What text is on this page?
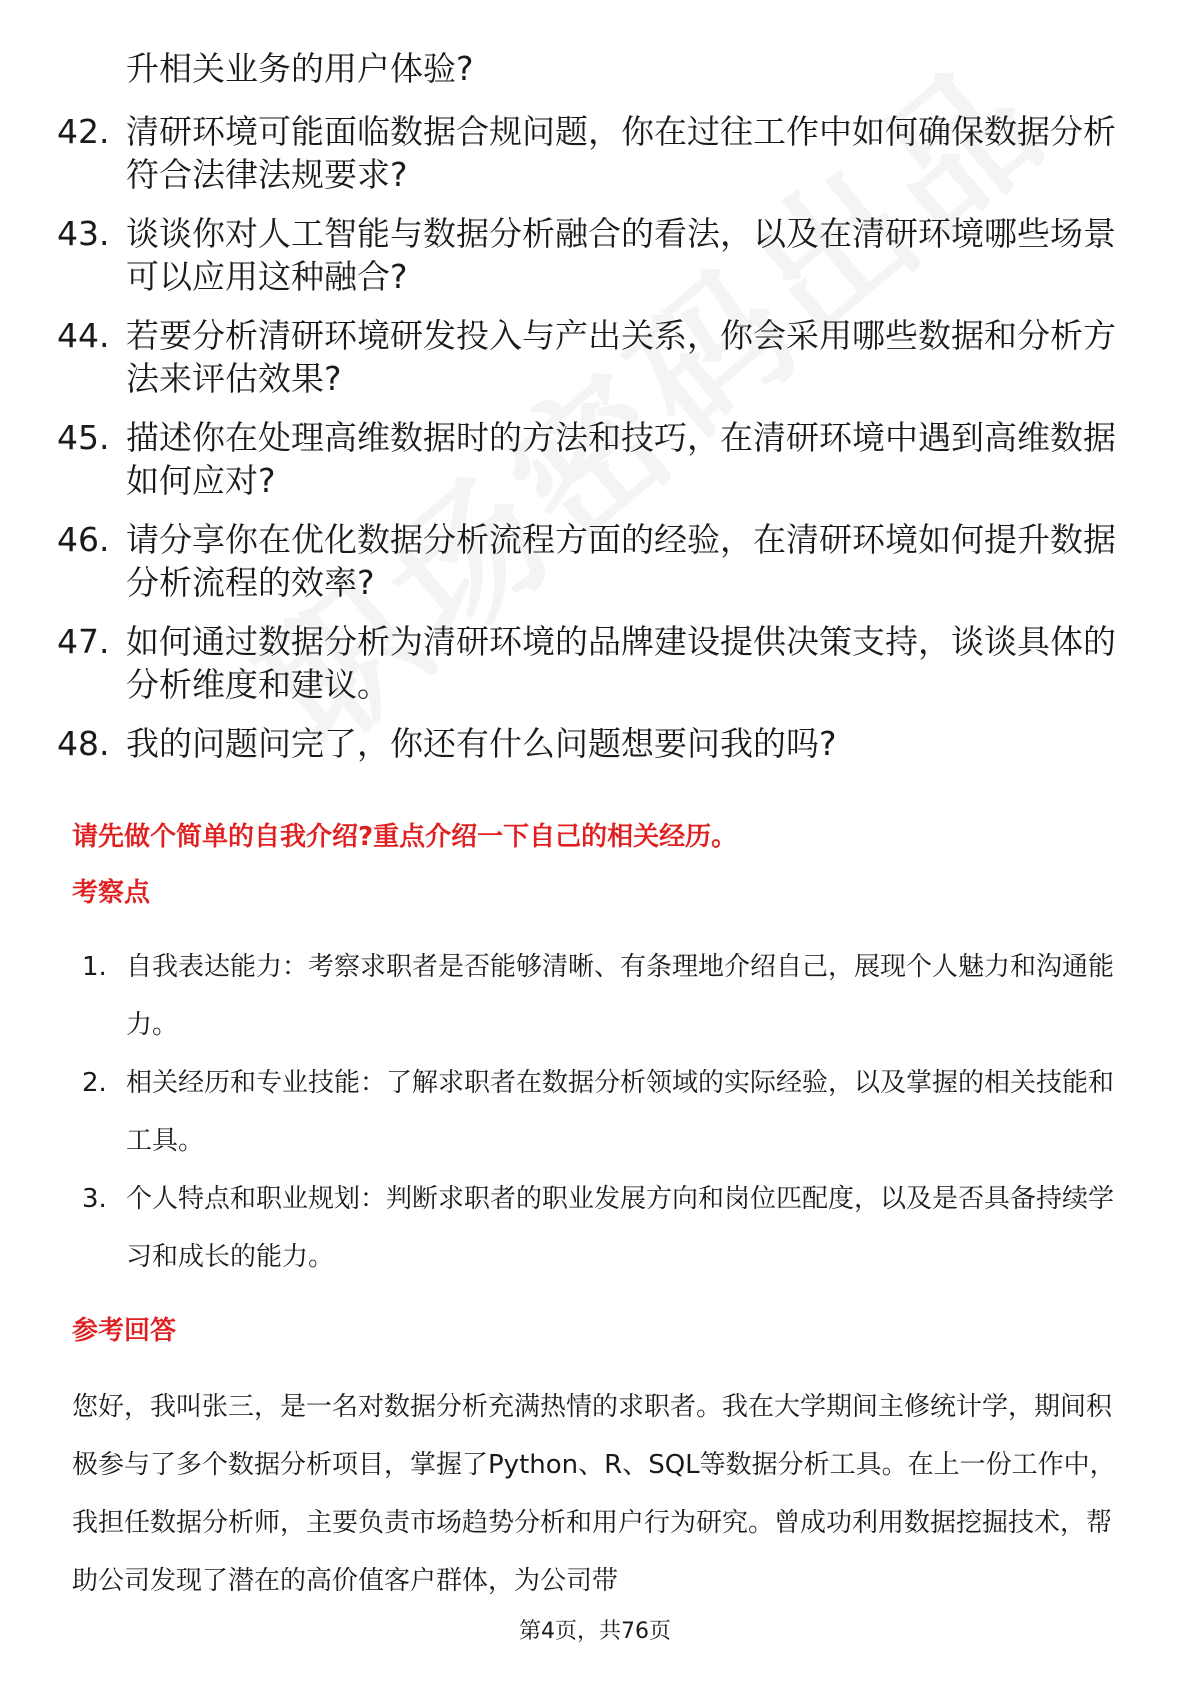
升相关业务的用户体验?
42. 清研环境可能面临数据合规问题，你在过往工作中如何确保数据分析符合法律法规要求?
43. 谈谈你对人工智能与数据分析融合的看法，以及在清研环境哪些场景可以应用这种融合?
44. 若要分析清研环境研发投入与产出关系，你会采用哪些数据和分析方法来评估效果?
45. 描述你在处理高维数据时的方法和技巧，在清研环境中遇到高维数据如何应对?
46. 请分享你在优化数据分析流程方面的经验，在清研环境如何提升数据分析流程的效率?
47. 如何通过数据分析为清研环境的品牌建设提供决策支持，谈谈具体的分析维度和建议。
48. 我的问题问完了，你还有什么问题想要问我的吗?
请先做个简单的自我介绍?重点介绍一下自己的相关经历。
考察点
1. 自我表达能力：考察求职者是否能够清晰、有条理地介绍自己，展现个人魅力和沟通能力。
2. 相关经历和专业技能：了解求职者在数据分析领域的实际经验，以及掌握的相关技能和工具。
3. 个人特点和职业规划：判断求职者的职业发展方向和岗位匹配度，以及是否具备持续学习和成长的能力。
参考回答
您好，我叫张三，是一名对数据分析充满热情的求职者。我在大学期间主修统计学，期间积极参与了多个数据分析项目，掌握了Python、R、SQL等数据分析工具。在上一份工作中，我担任数据分析师，主要负责市场趋势分析和用户行为研究。曾成功利用数据挖掘技术，帮助公司发现了潜在的高价值客户群体，为公司带
第4页，共76页
